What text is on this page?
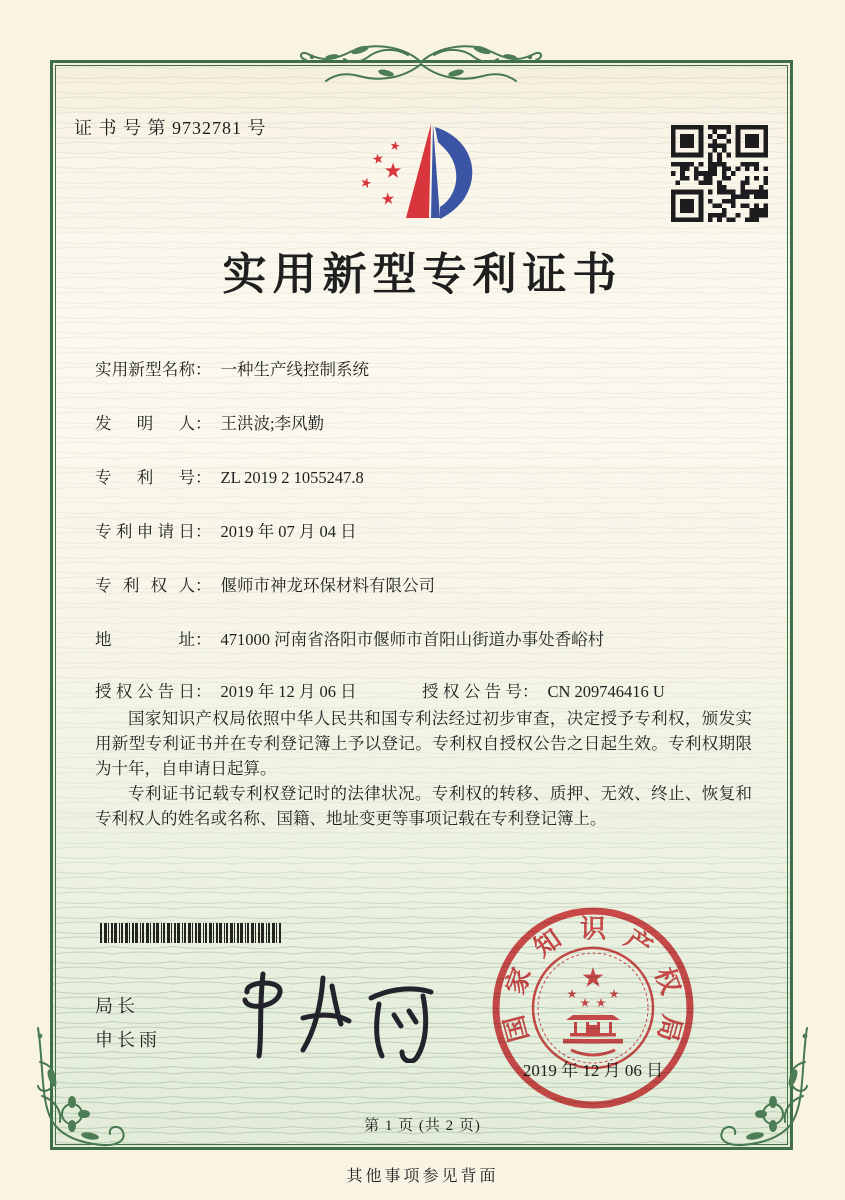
证 书 号 第 9732781 号
实用新型专利证书
实用新型名称： 一种生产线控制系统
发明人： 王洪波;李风勤
专利号： ZL 2019 2 1055247.8
专利申请日： 2019 年 07 月 04 日
专利权人： 偃师市神龙环保材料有限公司
地址： 471000 河南省洛阳市偃师市首阳山街道办事处香峪村
授权公告日： 2019 年 12 月 06 日	授权公告号： CN 209746416 U

国家知识产权局依照中华人民共和国专利法经过初步审查，决定授予专利权，颁发实用新型专利证书并在专利登记簿上予以登记。专利权自授权公告之日起生效。专利权期限为十年，自申请日起算。

专利证书记载专利权登记时的法律状况。专利权的转移、质押、无效、终止、恢复和专利权人的姓名或名称、国籍、地址变更等事项记载在专利登记簿上。

局长
申长雨	国
家
知 识 产
权
局
2019 年 12 月 06 日
第 1 页 (共 2 页)
其他事项参见背面
